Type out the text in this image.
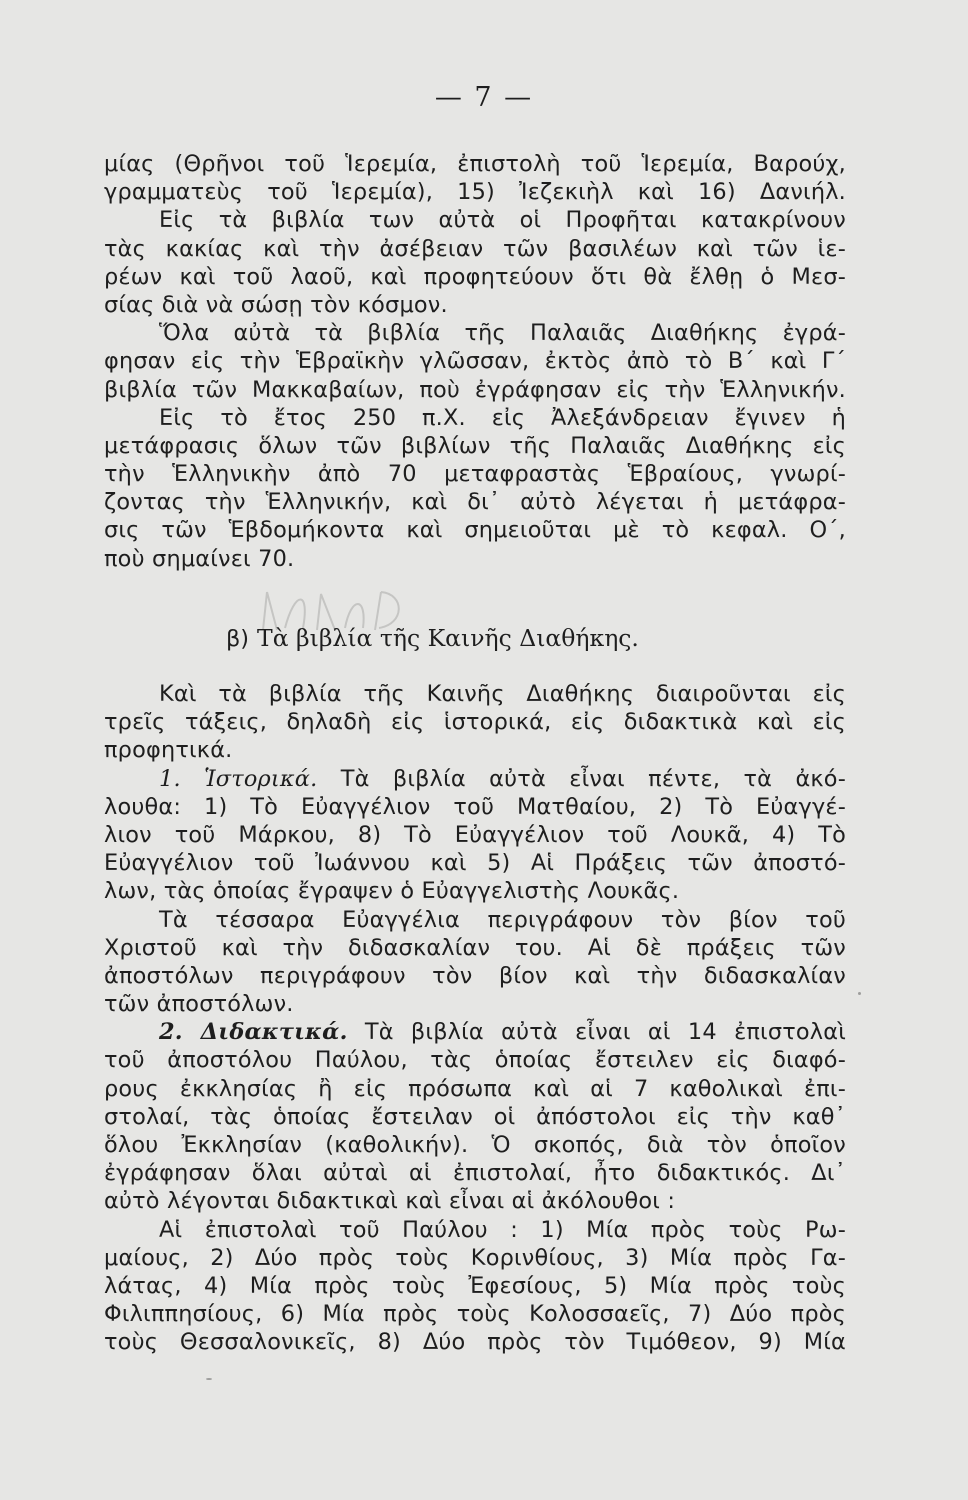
— 7 —
μίας (Θρῆνοι τοῦ Ἱερεμία, ἐπιστολὴ τοῦ Ἱερεμία, Βαρούχ,
γραμματεὺς τοῦ Ἱερεμία), 15) Ἰεζεκιὴλ καὶ 16) Δανιήλ.
Εἰς τὰ βιβλία των αὐτὰ οἱ Προφῆται κατακρίνουν
τὰς κακίας καὶ τὴν ἀσέβειαν τῶν βασιλέων καὶ τῶν ἱε-
ρέων καὶ τοῦ λαοῦ, καὶ προφητεύουν ὅτι θὰ ἔλθῃ ὁ Μεσ-
σίας διὰ νὰ σώσῃ τὸν κόσμον.
Ὅλα αὐτὰ τὰ βιβλία τῆς Παλαιᾶς Διαθήκης ἐγρά-
φησαν εἰς τὴν Ἑβραϊκὴν γλῶσσαν, ἐκτὸς ἀπὸ τὸ Β΄ καὶ Γ΄
βιβλία τῶν Μακκαβαίων, ποὺ ἐγράφησαν εἰς τὴν Ἑλληνικήν.
Εἰς τὸ ἔτος 250 π.Χ. εἰς Ἀλεξάνδρειαν ἔγινεν ἡ
μετάφρασις ὅλων τῶν βιβλίων τῆς Παλαιᾶς Διαθήκης εἰς
τὴν Ἑλληνικὴν ἀπὸ 70 μεταφραστὰς Ἑβραίους, γνωρί-
ζοντας τὴν Ἑλληνικήν, καὶ δι᾽ αὐτὸ λέγεται ἡ μετάφρα-
σις τῶν Ἑβδομήκοντα καὶ σημειοῦται μὲ τὸ κεφαλ. Ο΄,
ποὺ σημαίνει 70.
β) Τὰ βιβλία τῆς Καινῆς Διαθήκης.
Καὶ τὰ βιβλία τῆς Καινῆς Διαθήκης διαιροῦνται εἰς
τρεῖς τάξεις, δηλαδὴ εἰς ἱστορικά, εἰς διδακτικὰ καὶ εἰς
προφητικά.
1. Ἱστορικά. Τὰ βιβλία αὐτὰ εἶναι πέντε, τὰ ἀκό-
λουθα: 1) Τὸ Εὐαγγέλιον τοῦ Ματθαίου, 2) Τὸ Εὐαγγέ-
λιον τοῦ Μάρκου, 8) Τὸ Εὐαγγέλιον τοῦ Λουκᾶ, 4) Τὸ
Εὐαγγέλιον τοῦ Ἰωάννου καὶ 5) Αἱ Πράξεις τῶν ἀποστό-
λων, τὰς ὁποίας ἔγραψεν ὁ Εὐαγγελιστὴς Λουκᾶς.
Τὰ τέσσαρα Εὐαγγέλια περιγράφουν τὸν βίον τοῦ
Χριστοῦ καὶ τὴν διδασκαλίαν του. Αἱ δὲ πράξεις τῶν
ἀποστόλων περιγράφουν τὸν βίον καὶ τὴν διδασκαλίαν
τῶν ἀποστόλων.
2. Διδακτικά. Τὰ βιβλία αὐτὰ εἶναι αἱ 14 ἐπιστολαὶ
τοῦ ἀποστόλου Παύλου, τὰς ὁποίας ἔστειλεν εἰς διαφό-
ρους ἐκκλησίας ἢ εἰς πρόσωπα καὶ αἱ 7 καθολικαὶ ἐπι-
στολαί, τὰς ὁποίας ἔστειλαν οἱ ἀπόστολοι εἰς τὴν καθ᾽
ὅλου Ἐκκλησίαν (καθολικήν). Ὁ σκοπός, διὰ τὸν ὁποῖον
ἐγράφησαν ὅλαι αὐταὶ αἱ ἐπιστολαί, ἦτο διδακτικός. Δι᾽
αὐτὸ λέγονται διδακτικαὶ καὶ εἶναι αἱ ἀκόλουθοι :
Αἱ ἐπιστολαὶ τοῦ Παύλου : 1) Μία πρὸς τοὺς Ρω-
μαίους, 2) Δύο πρὸς τοὺς Κορινθίους, 3) Μία πρὸς Γα-
λάτας, 4) Μία πρὸς τοὺς Ἐφεσίους, 5) Μία πρὸς τοὺς
Φιλιππησίους, 6) Μία πρὸς τοὺς Κολοσσαεῖς, 7) Δύο πρὸς
τοὺς Θεσσαλονικεῖς, 8) Δύο πρὸς τὸν Τιμόθεον, 9) Μία
